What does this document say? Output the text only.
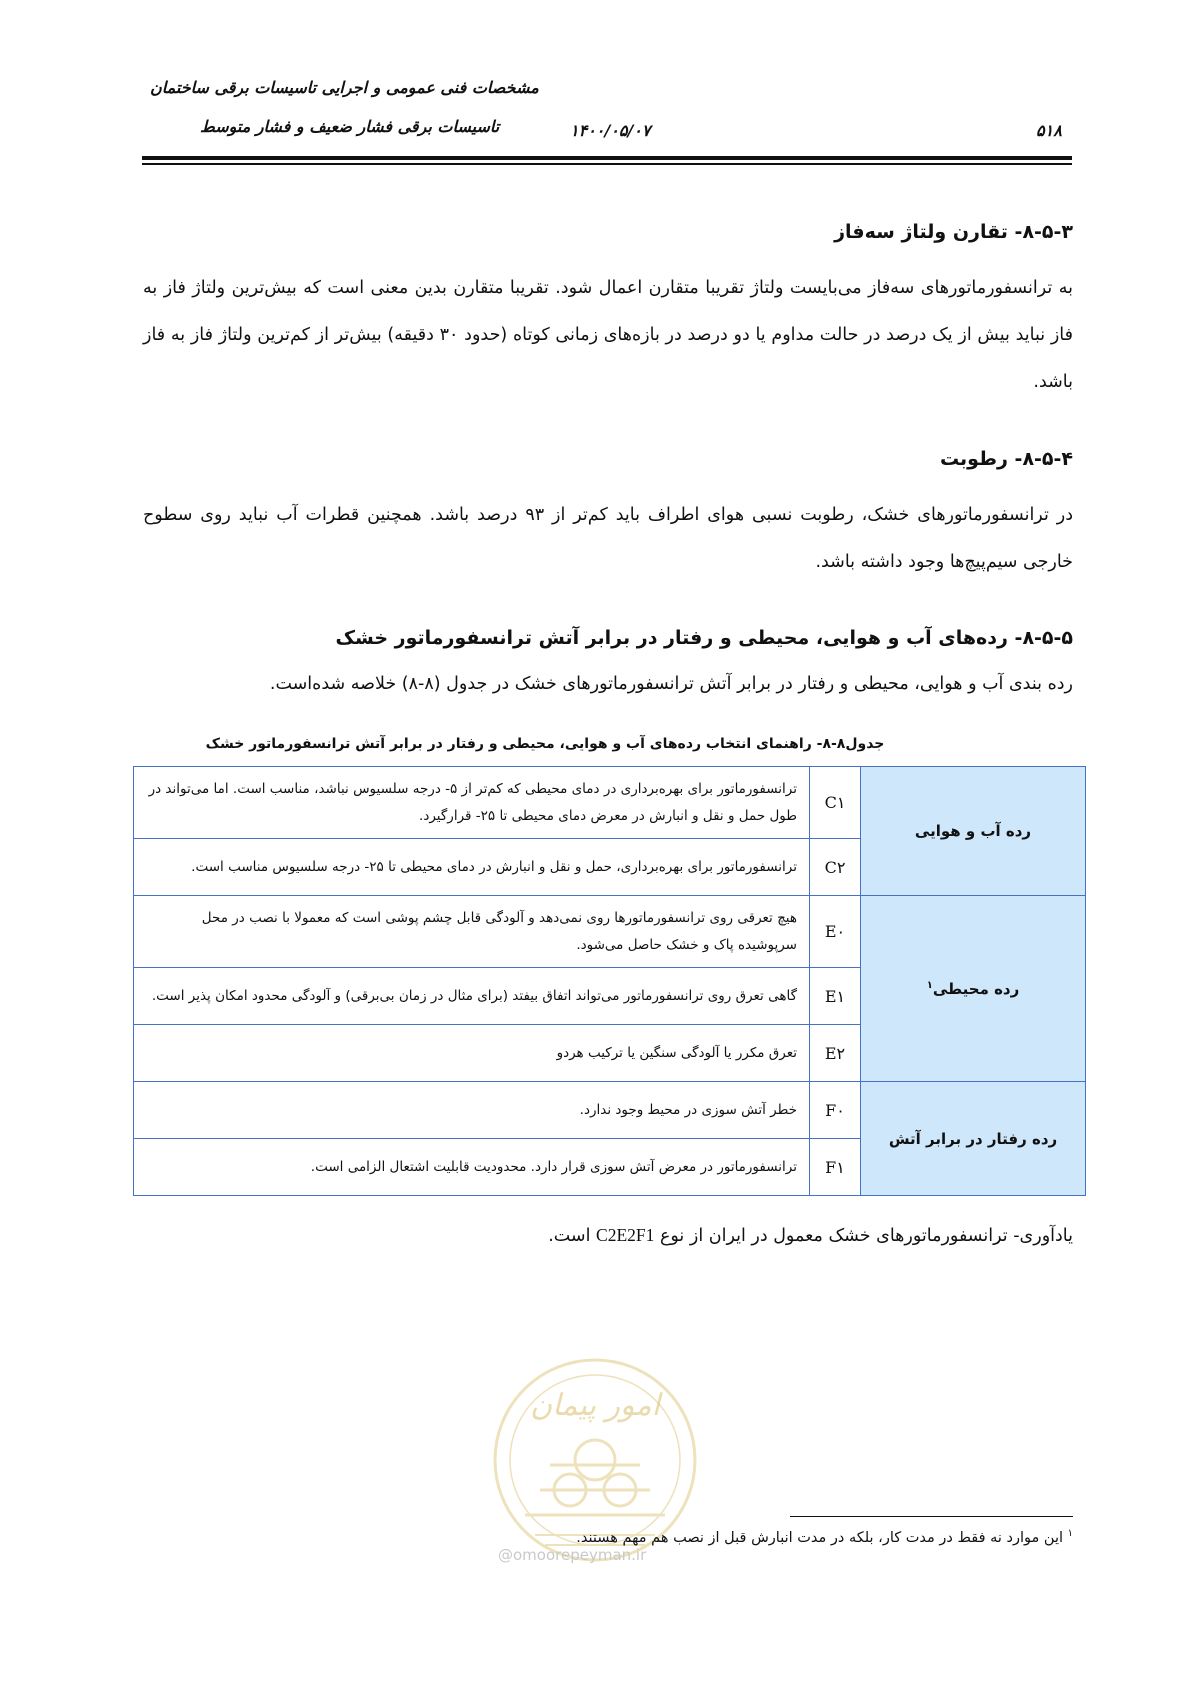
مشخصات فنی عمومی و اجرایی تاسیسات برقی ساختمان
تاسیسات برقی فشار ضعیف و فشار متوسط	۱۴۰۰/۰۵/۰۷	۵۱۸
۸-۵-۳- تقارن ولتاژ سه‌فاز

به ترانسفورماتورهای سه‌فاز می‌بایست ولتاژ تقریبا متقارن اعمال شود. تقریبا متقارن بدین معنی است که بیش‌ترین ولتاژ فاز به فاز نباید بیش از یک درصد در حالت مداوم یا دو درصد در بازه‌های زمانی کوتاه (حدود ۳۰ دقیقه) بیش‌تر از کم‌ترین ولتاژ فاز به فاز باشد.

۸-۵-۴- رطوبت

در ترانسفورماتورهای خشک، رطوبت نسبی هوای اطراف باید کم‌تر از ۹۳ درصد باشد. همچنین قطرات آب نباید روی سطوح خارجی سیم‌پیچ‌ها وجود داشته باشد.

۸-۵-۵- رده‌های آب و هوایی، محیطی و رفتار در برابر آتش ترانسفورماتور خشک

رده بندی آب و هوایی، محیطی و رفتار در برابر آتش ترانسفورماتورهای خشک در جدول (۸-۸) خلاصه شده‌است.

جدول۸-۸- راهنمای انتخاب رده‌های آب و هوایی، محیطی و رفتار در برابر آتش ترانسفورماتور خشک
رده آب و هوایی	C۱	ترانسفورماتور برای بهره‌برداری در دمای محیطی که کم‌تر از ۵- درجه سلسیوس نباشد، مناسب است. اما می‌تواند در طول حمل و نقل و انبارش در معرض دمای محیطی تا ۲۵- قرارگیرد.
	C۲	ترانسفورماتور برای بهره‌برداری، حمل و نقل و انبارش در دمای محیطی تا ۲۵- درجه سلسیوس مناسب است.
رده محیطی$^۱$	E۰	هیچ تعرقی روی ترانسفورماتورها روی نمی‌دهد و آلودگی قابل چشم پوشی است که معمولا با نصب در محل سرپوشیده پاک و خشک حاصل می‌شود.
	E۱	گاهی تعرق روی ترانسفورماتور می‌تواند اتفاق بیفتد (برای مثال در زمان بی‌برقی) و آلودگی محدود امکان پذیر است.
	E۲	تعرق مکرر یا آلودگی سنگین یا ترکیب هردو
رده رفتار در برابر آتش	F۰	خطر آتش سوزی در محیط وجود ندارد.
	F۱	ترانسفورماتور در معرض آتش سوزی قرار دارد. محدودیت قابلیت اشتعال الزامی است.
یادآوری- ترانسفورماتورهای خشک معمول در ایران از نوع C2E2F1 است.
امور پیمان
$^۱$ این موارد نه فقط در مدت کار، بلکه در مدت انبارش قبل از نصب هم مهم هستند.
@omoorepeyman.ir
